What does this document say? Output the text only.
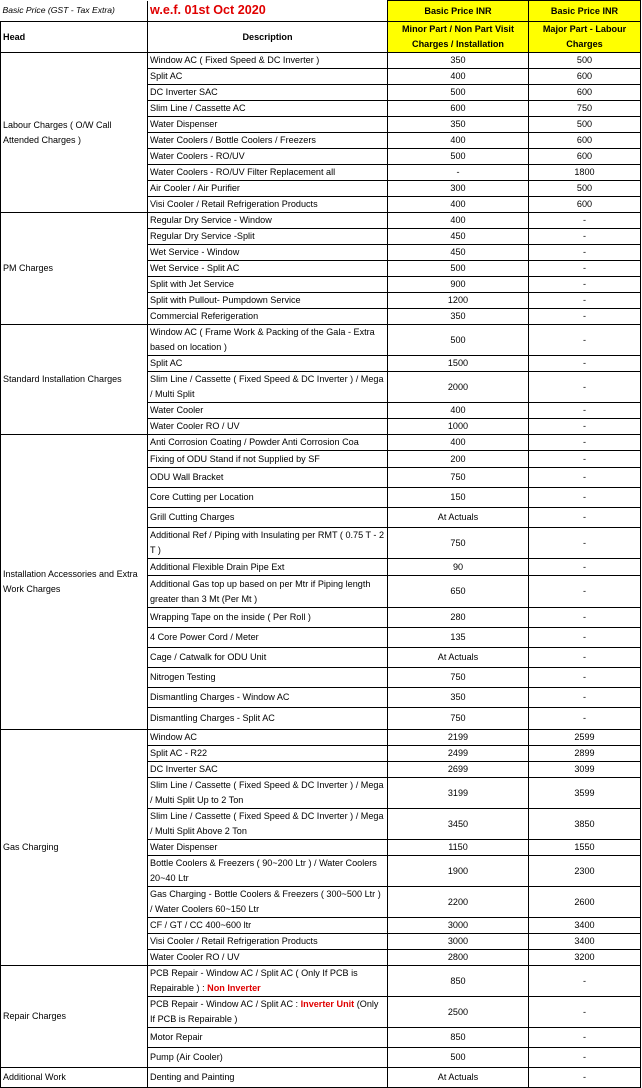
Basic Price (GST - Tax Extra)	w.e.f. 01st Oct 2020	Basic Price INR	Basic Price INR
Head	Description	Minor Part / Non Part Visit Charges / Installation	Major Part - Labour Charges
Labour Charges ( O/W Call Attended Charges )	Window AC ( Fixed Speed & DC Inverter )	350	500
	Split AC	400	600
	DC Inverter SAC	500	600
	Slim Line / Cassette AC	600	750
	Water Dispenser	350	500
	Water Coolers / Bottle Coolers / Freezers	400	600
	Water Coolers - RO/UV	500	600
	Water Coolers - RO/UV Filter Replacement all	-	1800
	Air Cooler / Air Purifier	300	500
	Visi Cooler / Retail Refrigeration Products	400	600
PM Charges	Regular Dry Service - Window	400	-
	Regular Dry Service -Split	450	-
	Wet Service - Window	450	-
	Wet Service - Split AC	500	-
	Split with Jet Service	900	-
	Split with Pullout- Pumpdown Service	1200	-
	Commercial Referigeration	350	-
Standard Installation Charges	Window AC ( Frame Work & Packing of the Gala - Extra based on location )	500	-
	Split AC	1500	-
	Slim Line / Cassette ( Fixed Speed & DC Inverter ) / Mega / Multi Split	2000	-
	Water Cooler	400	-
	Water Cooler RO / UV	1000	-
Installation Accessories and Extra Work Charges	Anti Corrosion Coating / Powder Anti Corrosion Coa	400	-
	Fixing of ODU Stand if not Supplied by SF	200	-
	ODU Wall Bracket	750	-
	Core Cutting per Location	150	-
	Grill Cutting Charges	At Actuals	-
	Additional Ref / Piping with Insulating per RMT ( 0.75 T - 2 T )	750	-
	Additional Flexible Drain Pipe Ext	90	-
	Additional Gas top up based on per Mtr if Piping length greater than 3 Mt (Per Mt )	650	-
	Wrapping Tape on the inside ( Per Roll )	280	-
	4 Core Power Cord / Meter	135	-
	Cage / Catwalk for ODU Unit	At Actuals	-
	Nitrogen Testing	750	-
	Dismantling Charges - Window AC	350	-
	Dismantling Charges - Split AC	750	-
Gas Charging	Window AC	2199	2599
	Split AC - R22	2499	2899
	DC Inverter SAC	2699	3099
	Slim Line / Cassette ( Fixed Speed & DC Inverter ) / Mega / Multi Split Up to 2 Ton	3199	3599
	Slim Line / Cassette ( Fixed Speed & DC Inverter ) / Mega / Multi Split Above 2 Ton	3450	3850
	Water Dispenser	1150	1550
	Bottle Coolers & Freezers ( 90~200 Ltr ) / Water Coolers 20~40 Ltr	1900	2300
	Gas Charging - Bottle Coolers & Freezers ( 300~500 Ltr ) / Water Coolers 60~150 Ltr	2200	2600
	CF / GT / CC 400~600 ltr	3000	3400
	Visi Cooler / Retail Refrigeration Products	3000	3400
	Water Cooler RO / UV	2800	3200
Repair Charges	PCB Repair - Window AC / Split AC ( Only If PCB is Repairable ) : Non Inverter	850	-
	PCB Repair - Window AC / Split AC : Inverter Unit (Only If PCB is Repairable )	2500	-
	Motor Repair	850	-
	Pump (Air Cooler)	500	-
Additional Work	Denting and Painting	At Actuals	-
